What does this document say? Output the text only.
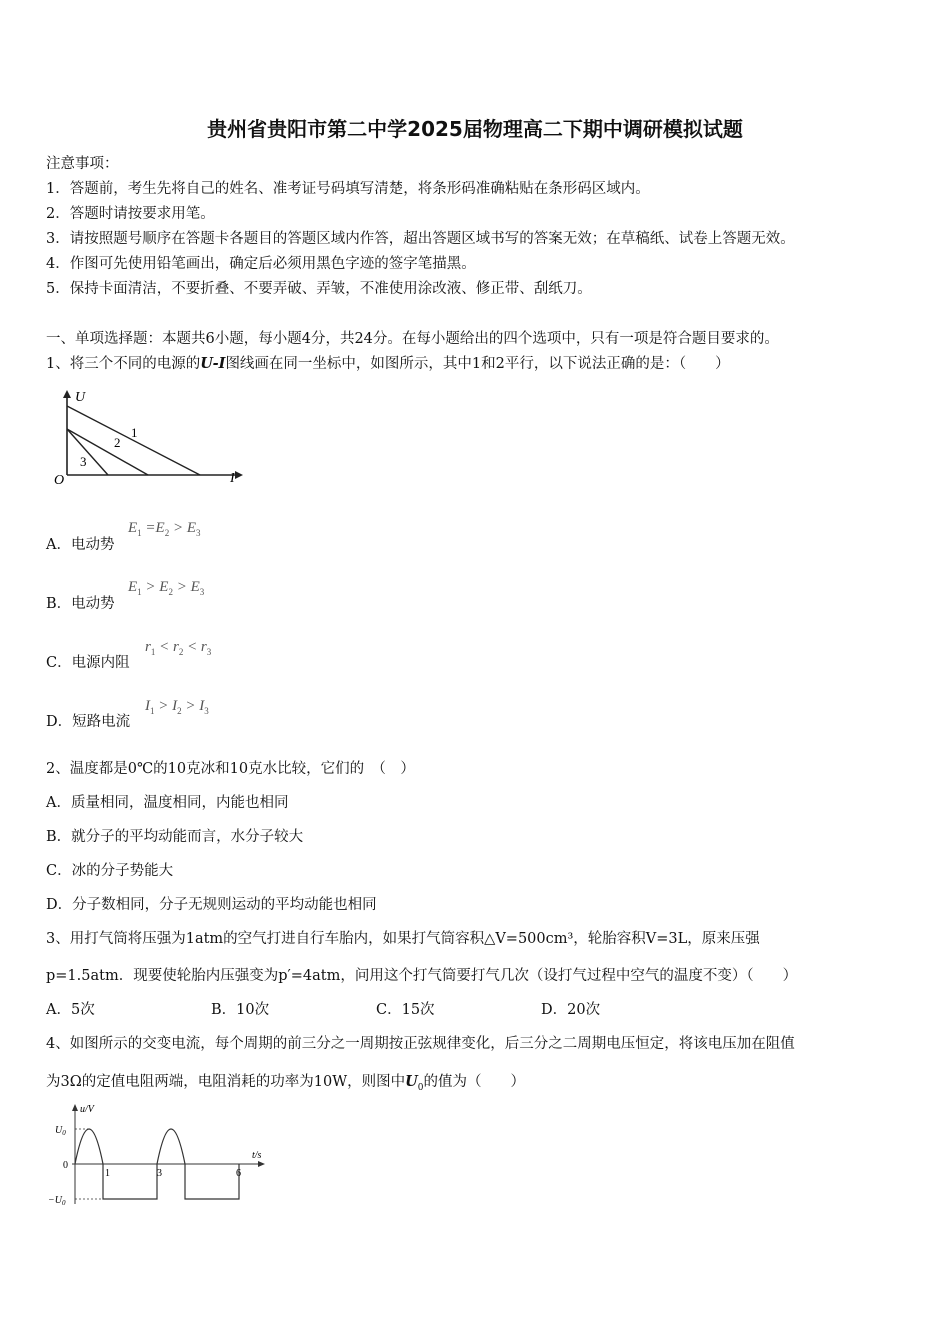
贵州省贵阳市第二中学2025届物理高二下期中调研模拟试题
注意事项：
1．答题前，考生先将自己的姓名、准考证号码填写清楚，将条形码准确粘贴在条形码区域内。
2．答题时请按要求用笔。
3．请按照题号顺序在答题卡各题目的答题区域内作答，超出答题区域书写的答案无效；在草稿纸、试卷上答题无效。
4．作图可先使用铅笔画出，确定后必须用黑色字迹的签字笔描黑。
5．保持卡面清洁，不要折叠、不要弄破、弄皱，不准使用涂改液、修正带、刮纸刀。
一、单项选择题：本题共6小题，每小题4分，共24分。在每小题给出的四个选项中，只有一项是符合题目要求的。
1、将三个不同的电源的U-I图线画在同一坐标中，如图所示，其中1和2平行，以下说法正确的是：（　　）
U
I
O
1
2
3
A．电动势
$E_1 =E_2 > E_3$
B．电动势
$E_1 > E_2 > E_3$
C．电源内阻
$r_1 < r_2 < r_3$
D．短路电流
$I_1 > I_2 > I_3$
2、温度都是0℃的10克冰和10克水比较，它们的　（　）
A．质量相同，温度相同，内能也相同
B．就分子的平均动能而言，水分子较大
C．冰的分子势能大
D．分子数相同，分子无规则运动的平均动能也相同
3、用打气筒将压强为1atm的空气打进自行车胎内，如果打气筒容积△V=500cm³，轮胎容积V=3L，原来压强
p=1.5atm．现要使轮胎内压强变为p′=4atm，问用这个打气筒要打气几次（设打气过程中空气的温度不变）（　　）
A．5次	B．10次	C．15次	D．20次
4、如图所示的交变电流，每个周期的前三分之一周期按正弦规律变化，后三分之二周期电压恒定，将该电压加在阻值
为3Ω的定值电阻两端，电阻消耗的功率为10W，则图中$U_0$的值为（　　）
u/V
t/s
$U_0$
$-U_0$
0
1	3	6
